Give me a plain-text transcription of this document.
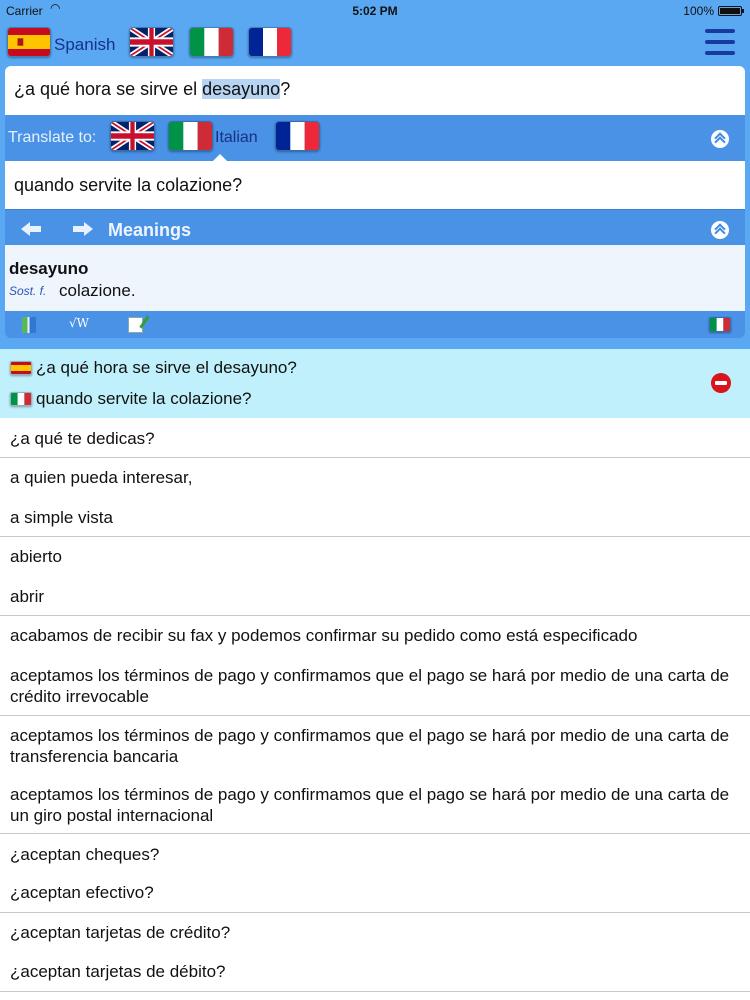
Carrier ◠	5:02 PM	100%
Spanish
¿a qué hora se sirve el desayuno?
Translate to:	Italian
quando servite la colazione?
Meanings
desayuno
Sost. f. colazione.
√W
¿a qué hora se sirve el desayuno?
quando servite la colazione?
¿a qué te dedicas?
a quien pueda interesar,
a simple vista
abierto
abrir
acabamos de recibir su fax y podemos confirmar su pedido como está especificado
aceptamos los términos de pago y confirmamos que el pago se hará por medio de una carta de crédito irrevocable
aceptamos los términos de pago y confirmamos que el pago se hará por medio de una carta de transferencia bancaria
aceptamos los términos de pago y confirmamos que el pago se hará por medio de una carta de un giro postal internacional
¿aceptan cheques?
¿aceptan efectivo?
¿aceptan tarjetas de crédito?
¿aceptan tarjetas de débito?
